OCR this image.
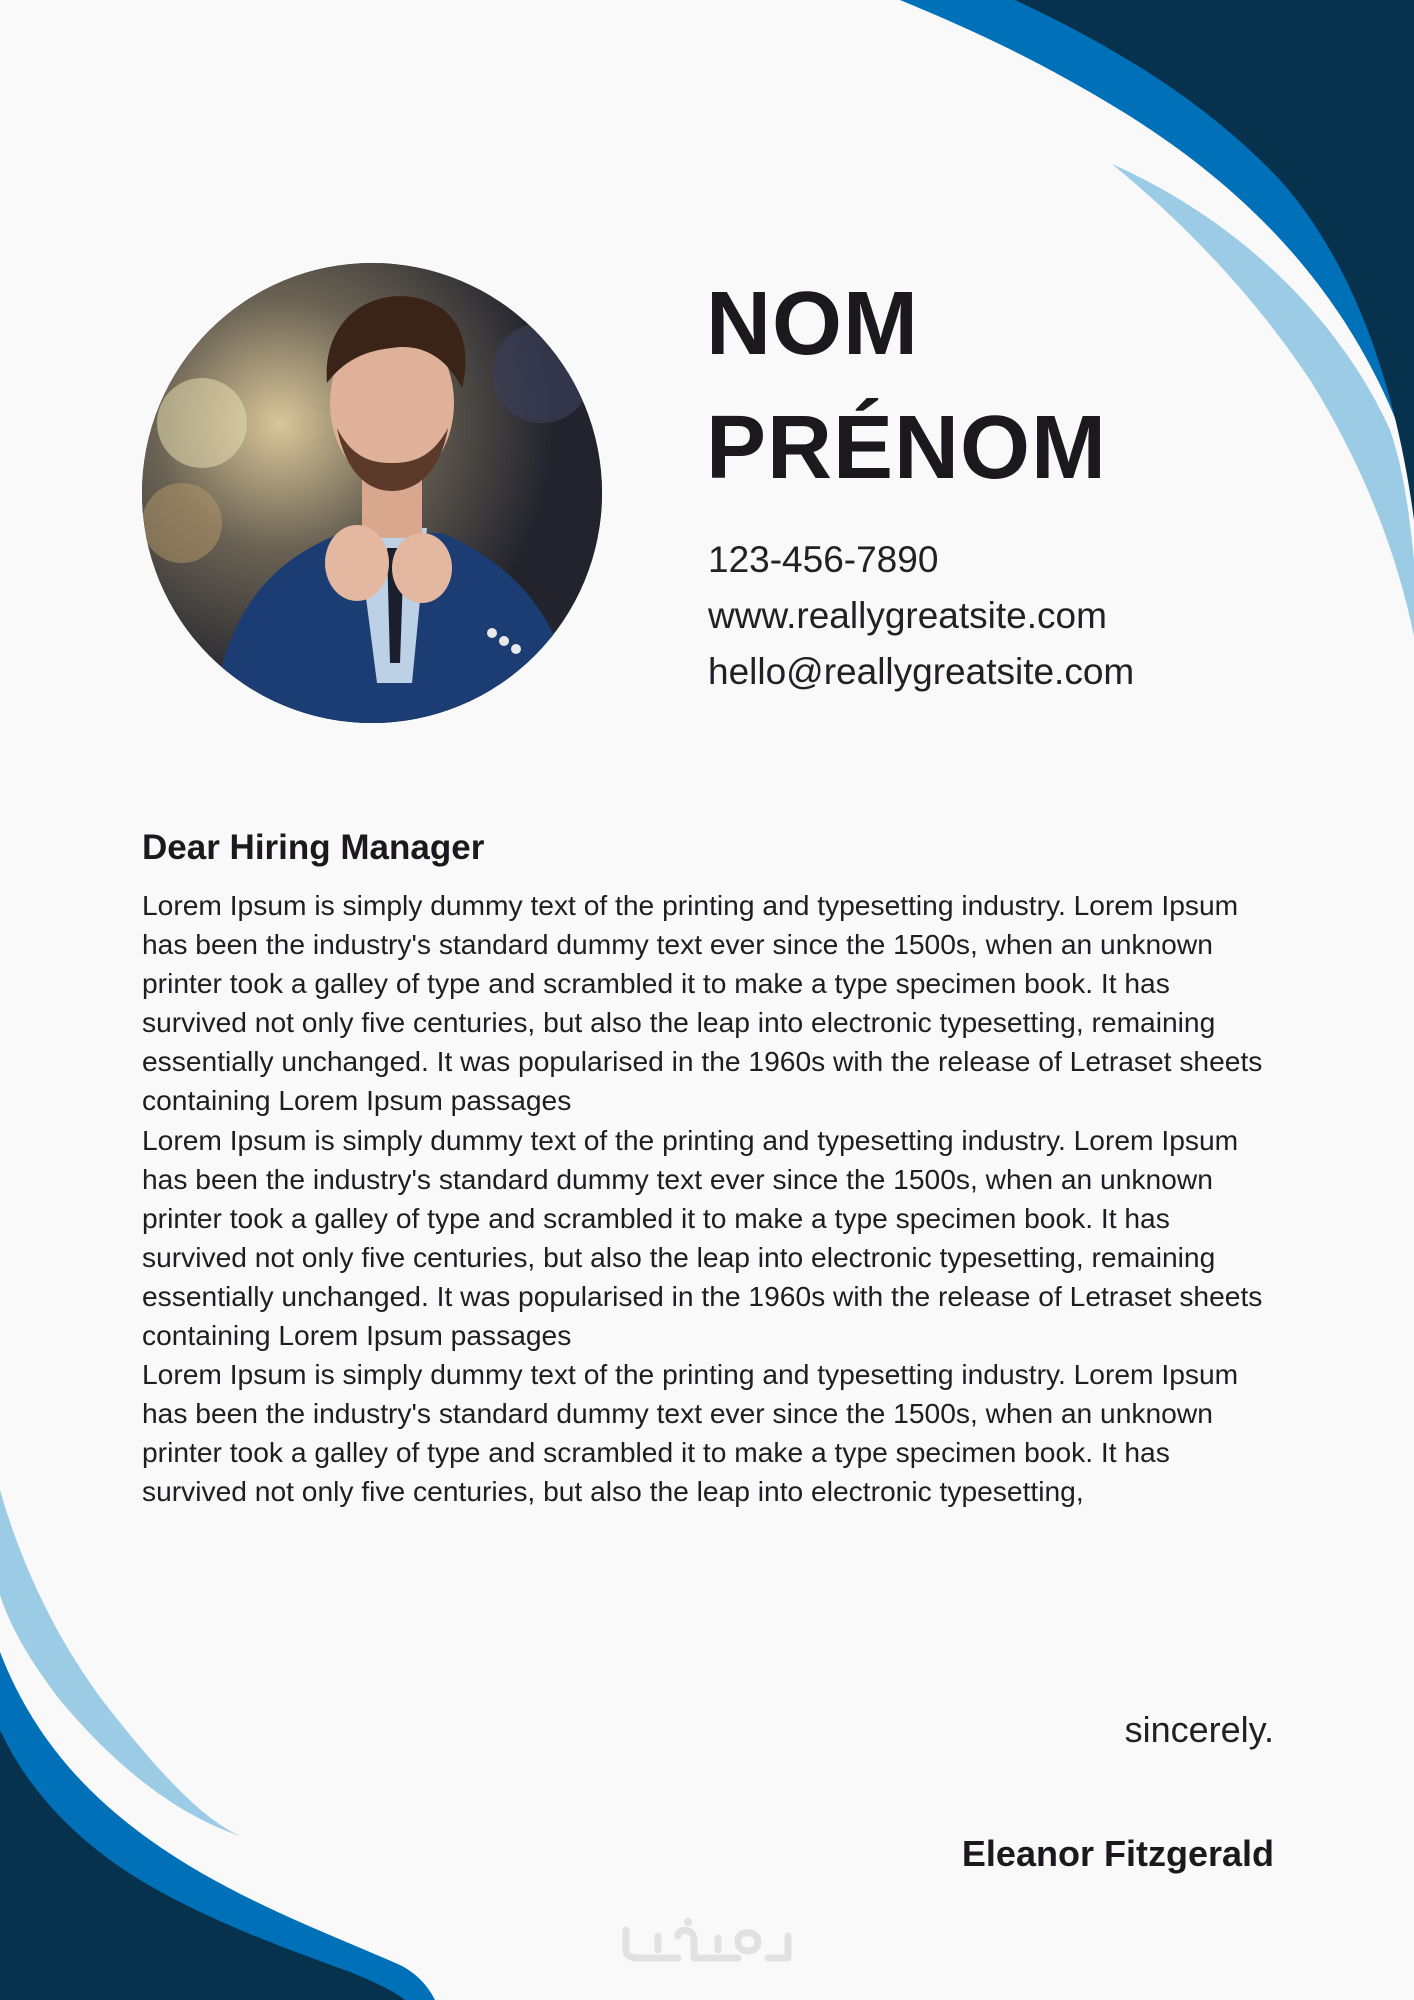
NOM
PRÉNOM
123-456-7890
www.reallygreatsite.com
hello@reallygreatsite.com
Dear Hiring Manager

Lorem Ipsum is simply dummy text of the printing and typesetting industry. Lorem Ipsum has been the industry's standard dummy text ever since the 1500s, when an unknown printer took a galley of type and scrambled it to make a type specimen book. It has survived not only five centuries, but also the leap into electronic typesetting, remaining essentially unchanged. It was popularised in the 1960s with the release of Letraset sheets containing Lorem Ipsum passages

Lorem Ipsum is simply dummy text of the printing and typesetting industry. Lorem Ipsum has been the industry's standard dummy text ever since the 1500s, when an unknown printer took a galley of type and scrambled it to make a type specimen book. It has survived not only five centuries, but also the leap into electronic typesetting, remaining essentially unchanged. It was popularised in the 1960s with the release of Letraset sheets containing Lorem Ipsum passages

Lorem Ipsum is simply dummy text of the printing and typesetting industry. Lorem Ipsum has been the industry's standard dummy text ever since the 1500s, when an unknown printer took a galley of type and scrambled it to make a type specimen book. It has survived not only five centuries, but also the leap into electronic typesetting,

sincerely.
Eleanor Fitzgerald
